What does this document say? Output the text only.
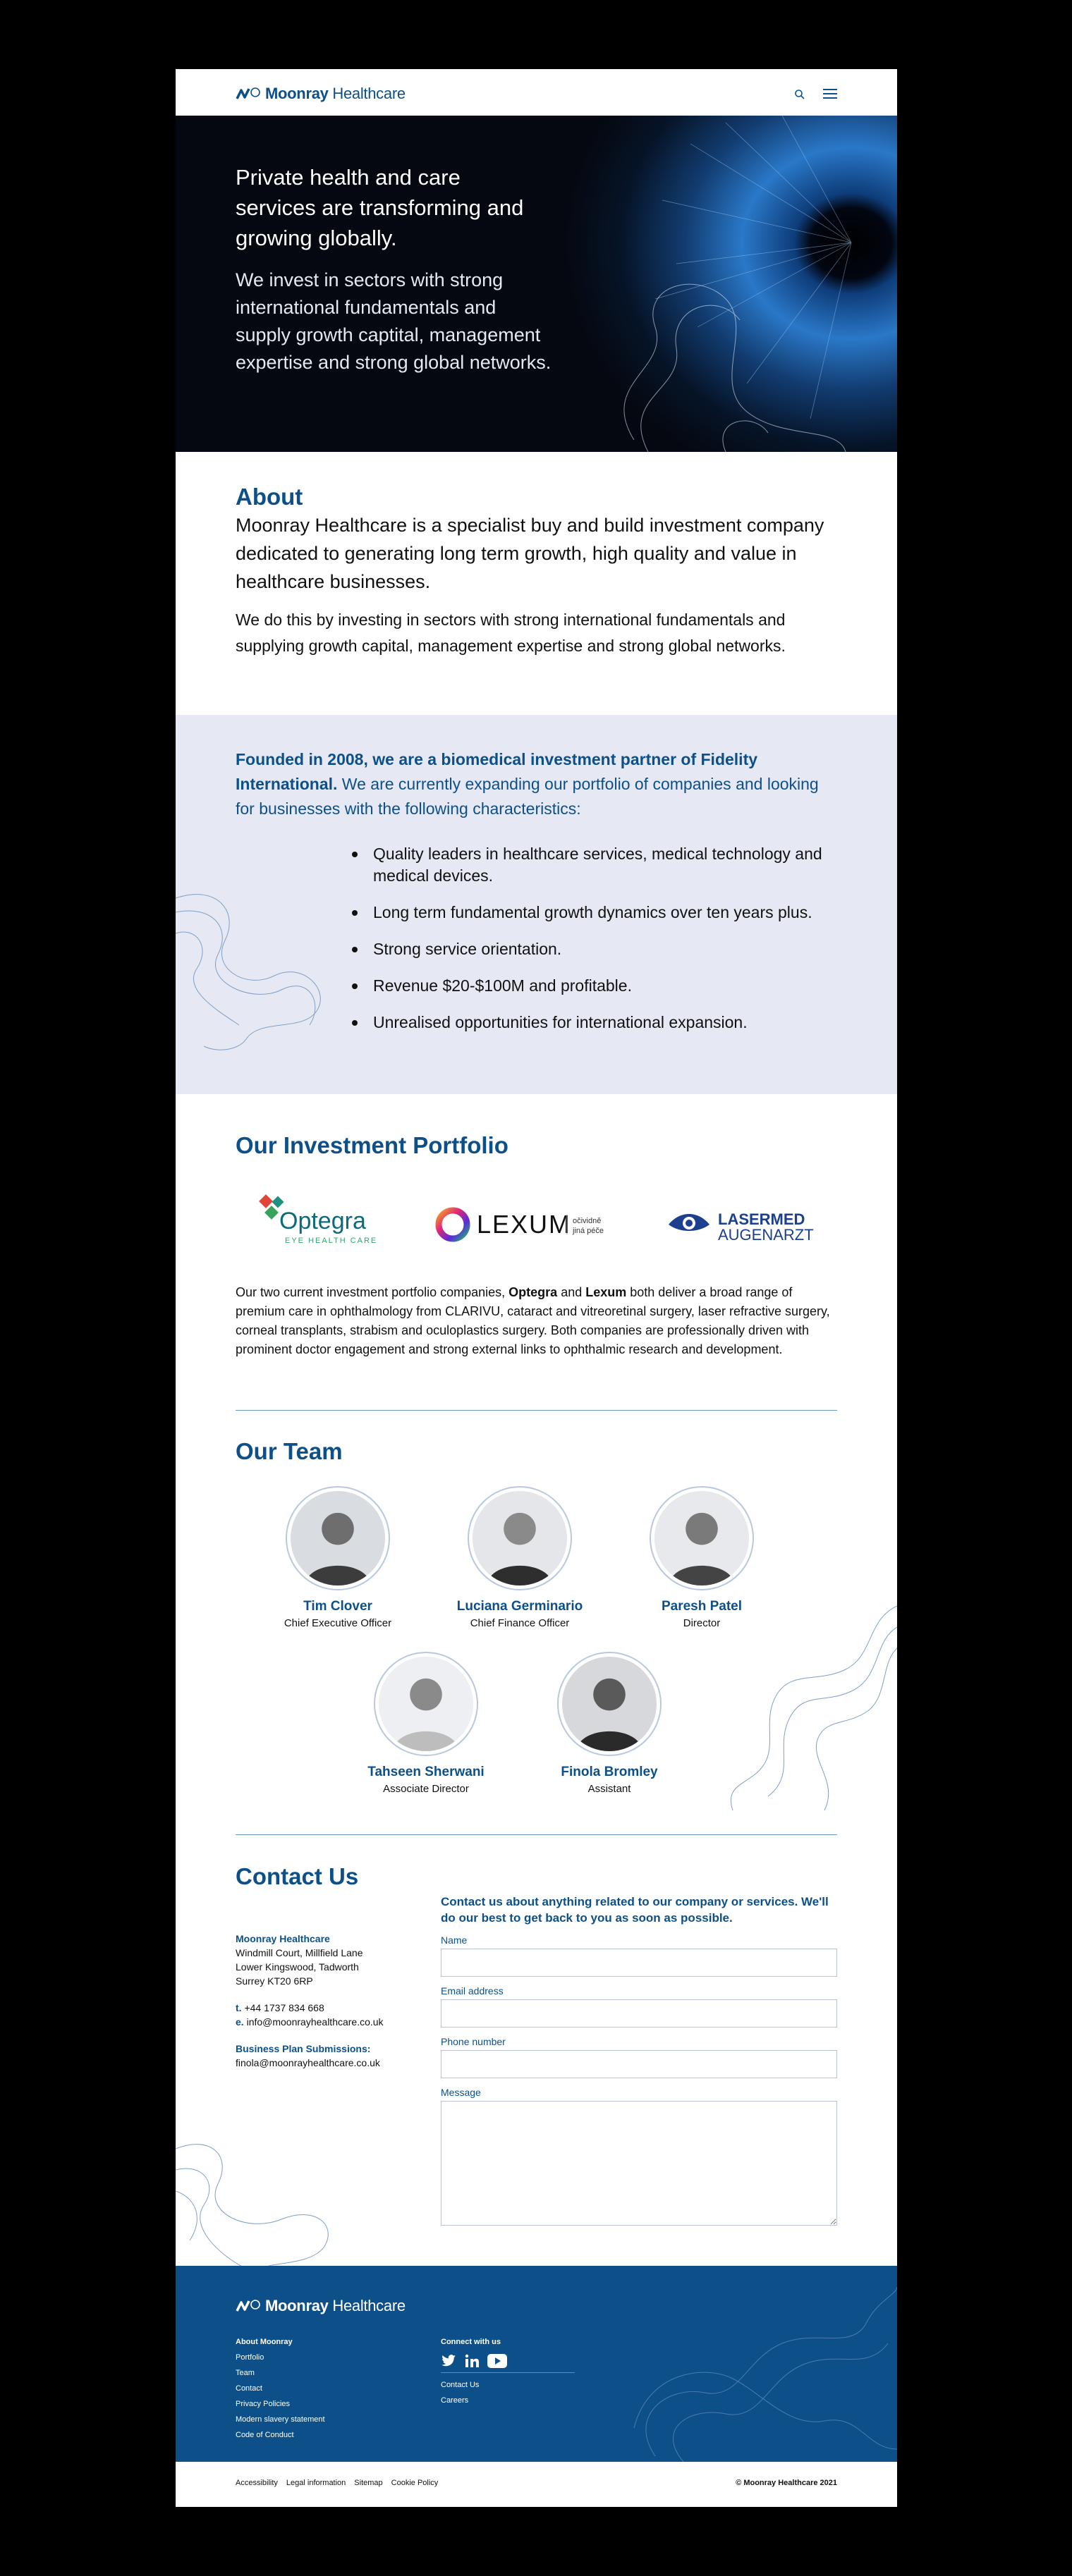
Moonray Healthcare
Private health and care services are transforming and growing globally.
We invest in sectors with strong international fundamentals and supply growth captital, management expertise and strong global networks.
About
Moonray Healthcare is a specialist buy and build investment company dedicated to generating long term growth, high quality and value in healthcare businesses.
We do this by investing in sectors with strong international fundamentals and supplying growth capital, management expertise and strong global networks.
Founded in 2008, we are a biomedical investment partner of Fidelity International. We are currently expanding our portfolio of companies and looking for businesses with the following characteristics:
Quality leaders in healthcare services, medical technology and medical devices.
Long term fundamental growth dynamics over ten years plus.
Strong service orientation.
Revenue $20-$100M and profitable.
Unrealised opportunities for international expansion.
Our Investment Portfolio
Optegra
EYE HEALTH CARE
LEXUM očividně
jiná péče
LASERMED
AUGENARZT
Our two current investment portfolio companies, Optegra and Lexum both deliver a broad range of premium care in ophthalmology from CLARIVU, cataract and vitreoretinal surgery, laser refractive surgery, corneal transplants, strabism and oculoplastics surgery. Both companies are professionally driven with prominent doctor engagement and strong external links to ophthalmic research and development.
Our Team
Tim Clover
Chief Executive Officer
Luciana Germinario
Chief Finance Officer
Paresh Patel
Director
Tahseen Sherwani
Associate Director
Finola Bromley
Assistant
Contact Us
Moonray Healthcare
Windmill Court, Millfield Lane
Lower Kingswood, Tadworth
Surrey KT20 6RP
t. +44 1737 834 668
e. info@moonrayhealthcare.co.uk
Business Plan Submissions:
finola@moonrayhealthcare.co.uk
Contact us about anything related to our company or services. We'll do our best to get back to you as soon as possible.
Name
Email address
Phone number
Message
Moonray Healthcare
About Moonray
Portfolio
Team
Contact
Privacy Policies
Modern slavery statement
Code of Conduct
Connect with us
Contact Us
Careers
Accessibility Legal information Sitemap Cookie Policy	© Moonray Healthcare 2021
